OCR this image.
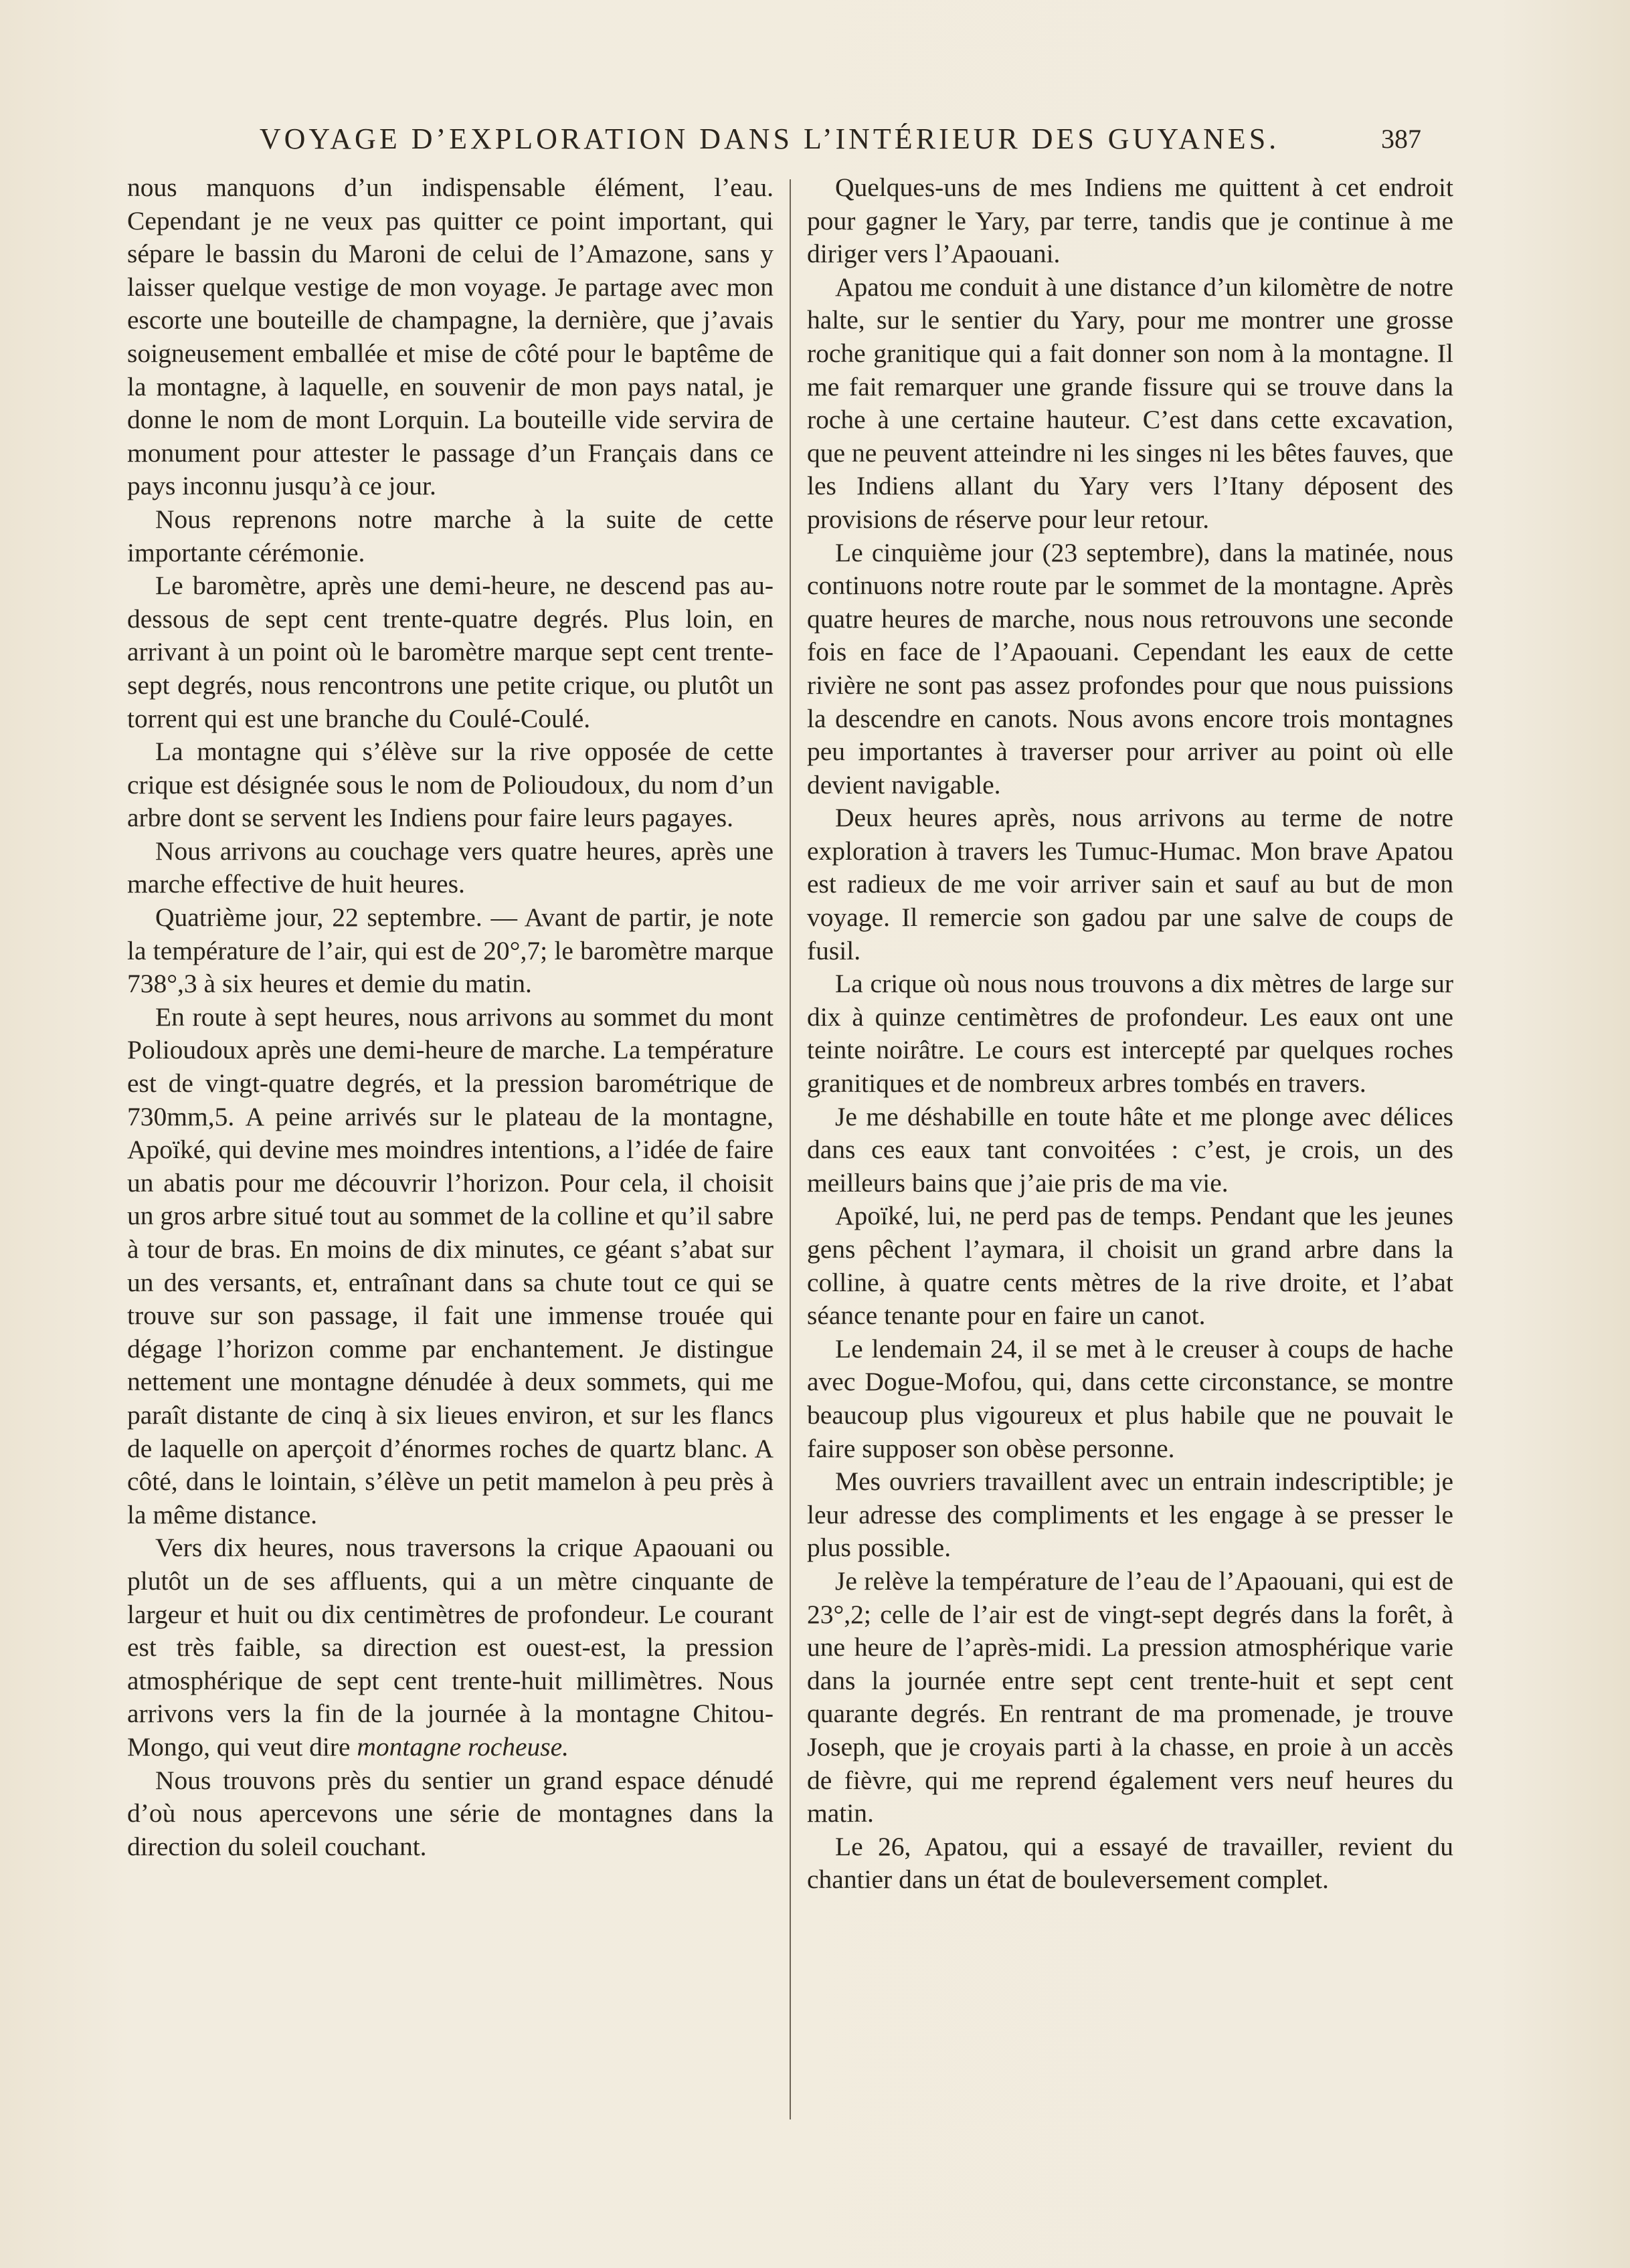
VOYAGE D’EXPLORATION DANS L’INTÉRIEUR DES GUYANES.	387

nous manquons d’un indispensable élément, l’eau. Cependant je ne veux pas quitter ce point important, qui sépare le bassin du Maroni de celui de l’Amazone, sans y laisser quelque vestige de mon voyage. Je partage avec mon escorte une bouteille de champagne, la dernière, que j’avais soigneusement emballée et mise de côté pour le baptême de la montagne, à laquelle, en souvenir de mon pays natal, je donne le nom de mont Lorquin. La bouteille vide servira de monument pour attester le passage d’un Français dans ce pays inconnu jusqu’à ce jour.

Nous reprenons notre marche à la suite de cette importante cérémonie.

Le baromètre, après une demi-heure, ne descend pas au-dessous de sept cent trente-quatre degrés. Plus loin, en arrivant à un point où le baromètre marque sept cent trente-sept degrés, nous rencontrons une petite crique, ou plutôt un torrent qui est une branche du Coulé-Coulé.

La montagne qui s’élève sur la rive opposée de cette crique est désignée sous le nom de Polioudoux, du nom d’un arbre dont se servent les Indiens pour faire leurs pagayes.

Nous arrivons au couchage vers quatre heures, après une marche effective de huit heures.

Quatrième jour, 22 septembre. — Avant de partir, je note la température de l’air, qui est de 20°,7; le baromètre marque 738°,3 à six heures et demie du matin.

En route à sept heures, nous arrivons au sommet du mont Polioudoux après une demi-heure de marche. La température est de vingt-quatre degrés, et la pression barométrique de 730mm,5. A peine arrivés sur le plateau de la montagne, Apoïké, qui devine mes moindres intentions, a l’idée de faire un abatis pour me découvrir l’horizon. Pour cela, il choisit un gros arbre situé tout au sommet de la colline et qu’il sabre à tour de bras. En moins de dix minutes, ce géant s’abat sur un des versants, et, entraînant dans sa chute tout ce qui se trouve sur son passage, il fait une immense trouée qui dégage l’horizon comme par enchantement. Je distingue nettement une montagne dénudée à deux sommets, qui me paraît distante de cinq à six lieues environ, et sur les flancs de laquelle on aperçoit d’énormes roches de quartz blanc. A côté, dans le lointain, s’élève un petit mamelon à peu près à la même distance.

Vers dix heures, nous traversons la crique Apaouani ou plutôt un de ses affluents, qui a un mètre cinquante de largeur et huit ou dix centimètres de profondeur. Le courant est très faible, sa direction est ouest-est, la pression atmosphérique de sept cent trente-huit millimètres. Nous arrivons vers la fin de la journée à la montagne Chitou-Mongo, qui veut dire montagne rocheuse.

Nous trouvons près du sentier un grand espace dénudé d’où nous apercevons une série de montagnes dans la direction du soleil couchant.

Quelques-uns de mes Indiens me quittent à cet endroit pour gagner le Yary, par terre, tandis que je continue à me diriger vers l’Apaouani.

Apatou me conduit à une distance d’un kilomètre de notre halte, sur le sentier du Yary, pour me montrer une grosse roche granitique qui a fait donner son nom à la montagne. Il me fait remarquer une grande fissure qui se trouve dans la roche à une certaine hauteur. C’est dans cette excavation, que ne peuvent atteindre ni les singes ni les bêtes fauves, que les Indiens allant du Yary vers l’Itany déposent des provisions de réserve pour leur retour.

Le cinquième jour (23 septembre), dans la matinée, nous continuons notre route par le sommet de la montagne. Après quatre heures de marche, nous nous retrouvons une seconde fois en face de l’Apaouani. Cependant les eaux de cette rivière ne sont pas assez profondes pour que nous puissions la descendre en canots. Nous avons encore trois montagnes peu importantes à traverser pour arriver au point où elle devient navigable.

Deux heures après, nous arrivons au terme de notre exploration à travers les Tumuc-Humac. Mon brave Apatou est radieux de me voir arriver sain et sauf au but de mon voyage. Il remercie son gadou par une salve de coups de fusil.

La crique où nous nous trouvons a dix mètres de large sur dix à quinze centimètres de profondeur. Les eaux ont une teinte noirâtre. Le cours est intercepté par quelques roches granitiques et de nombreux arbres tombés en travers.

Je me déshabille en toute hâte et me plonge avec délices dans ces eaux tant convoitées : c’est, je crois, un des meilleurs bains que j’aie pris de ma vie.

Apoïké, lui, ne perd pas de temps. Pendant que les jeunes gens pêchent l’aymara, il choisit un grand arbre dans la colline, à quatre cents mètres de la rive droite, et l’abat séance tenante pour en faire un canot.

Le lendemain 24, il se met à le creuser à coups de hache avec Dogue-Mofou, qui, dans cette circonstance, se montre beaucoup plus vigoureux et plus habile que ne pouvait le faire supposer son obèse personne.

Mes ouvriers travaillent avec un entrain indescriptible; je leur adresse des compliments et les engage à se presser le plus possible.

Je relève la température de l’eau de l’Apaouani, qui est de 23°,2; celle de l’air est de vingt-sept degrés dans la forêt, à une heure de l’après-midi. La pression atmosphérique varie dans la journée entre sept cent trente-huit et sept cent quarante degrés. En rentrant de ma promenade, je trouve Joseph, que je croyais parti à la chasse, en proie à un accès de fièvre, qui me reprend également vers neuf heures du matin.

Le 26, Apatou, qui a essayé de travailler, revient du chantier dans un état de bouleversement complet.
